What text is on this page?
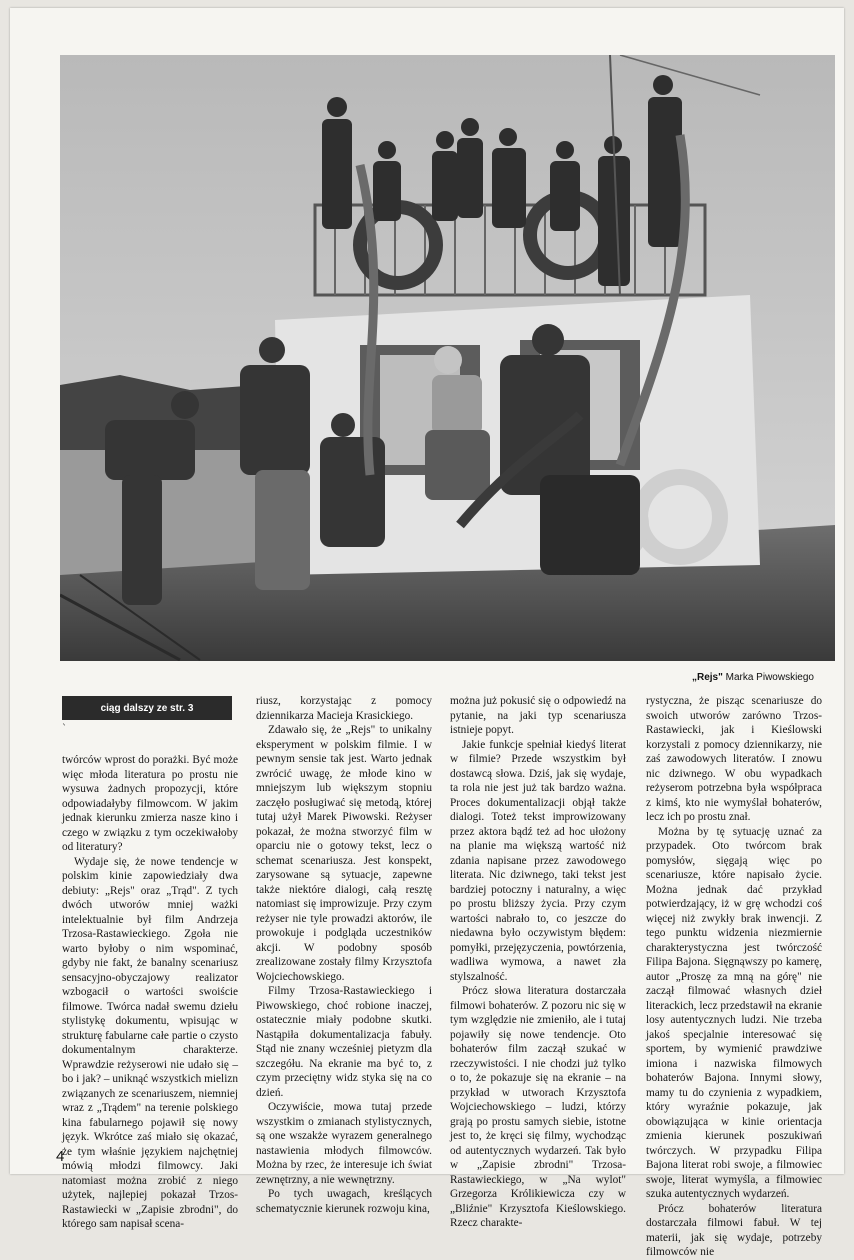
„Rejs" Marka Piwowskiego
ciąg dalszy ze str. 3
ˋ

twórców wprost do porażki. Być może więc młoda literatura po prostu nie wysuwa żadnych propozycji, które odpowiadałyby filmowcom. W jakim jednak kierunku zmierza nasze kino i czego w związku z tym oczekiwałoby od literatury?

Wydaje się, że nowe tendencje w polskim kinie zapowiedziały dwa debiuty: „Rejs" oraz „Trąd". Z tych dwóch utworów mniej ważki intelektualnie był film Andrzeja Trzosa-Rastawieckiego. Zgoła nie warto byłoby o nim wspominać, gdyby nie fakt, że banalny scenariusz sensacyjno-obyczajowy realizator wzbogacił o wartości swoiście filmowe. Twórca nadał swemu dziełu stylistykę dokumentu, wpisując w strukturę fabularne całe partie o czysto dokumentalnym charakterze. Wprawdzie reżyserowi nie udało się – bo i jak? – uniknąć wszystkich mielizn związanych ze scenariuszem, niemniej wraz z „Trądem" na terenie polskiego kina fabularnego pojawił się nowy język. Wkrótce zaś miało się okazać, że tym właśnie językiem najchętniej mówią młodzi filmowcy. Jaki natomiast można zrobić z niego użytek, najlepiej pokazał Trzos-Rastawiecki w „Zapisie zbrodni", do którego sam napisał scena-

riusz, korzystając z pomocy dziennikarza Macieja Krasickiego.

Zdawało się, że „Rejs" to unikalny eksperyment w polskim filmie. I w pewnym sensie tak jest. Warto jednak zwrócić uwagę, że młode kino w mniejszym lub większym stopniu zaczęło posługiwać się metodą, której tutaj użył Marek Piwowski. Reżyser pokazał, że można stworzyć film w oparciu nie o gotowy tekst, lecz o schemat scenariusza. Jest konspekt, zarysowane są sytuacje, zapewne także niektóre dialogi, całą resztę natomiast się improwizuje. Przy czym reżyser nie tyle prowadzi aktorów, ile prowokuje i podgląda uczestników akcji. W podobny sposób zrealizowane zostały filmy Krzysztofa Wojciechowskiego.

Filmy Trzosa-Rastawieckiego i Piwowskiego, choć robione inaczej, ostatecznie miały podobne skutki. Nastąpiła dokumentalizacja fabuły. Stąd nie znany wcześniej pietyzm dla szczegółu. Na ekranie ma być to, z czym przeciętny widz styka się na co dzień.

Oczywiście, mowa tutaj przede wszystkim o zmianach stylistycznych, są one wszakże wyrazem generalnego nastawienia młodych filmowców. Można by rzec, że interesuje ich świat zewnętrzny, a nie wewnętrzny.

Po tych uwagach, kreślących schematycznie kierunek rozwoju kina,

można już pokusić się o odpowiedź na pytanie, na jaki typ scenariusza istnieje popyt.

Jakie funkcje spełniał kiedyś literat w filmie? Przede wszystkim był dostawcą słowa. Dziś, jak się wydaje, ta rola nie jest już tak bardzo ważna. Proces dokumentalizacji objął także dialogi. Toteż tekst improwizowany przez aktora bądź też ad hoc ułożony na planie ma większą wartość niż zdania napisane przez zawodowego literata. Nic dziwnego, taki tekst jest bardziej potoczny i naturalny, a więc po prostu bliższy życia. Przy czym wartości nabrało to, co jeszcze do niedawna było oczywistym błędem: pomyłki, przejęzyczenia, powtórzenia, wadliwa wymowa, a nawet zła stylszalność.

Prócz słowa literatura dostarczała filmowi bohaterów. Z pozoru nic się w tym względzie nie zmieniło, ale i tutaj pojawiły się nowe tendencje. Oto bohaterów film zaczął szukać w rzeczywistości. I nie chodzi już tylko o to, że pokazuje się na ekranie – na przykład w utworach Krzysztofa Wojciechowskiego – ludzi, którzy grają po prostu samych siebie, istotne jest to, że kręci się filmy, wychodząc od autentycznych wydarzeń. Tak było w „Zapisie zbrodni" Trzosa-Rastawieckiego, w „Na wylot" Grzegorza Królikiewicza czy w „Bliźnie" Krzysztofa Kieślowskiego. Rzecz charakte-

rystyczna, że pisząc scenariusze do swoich utworów zarówno Trzos-Rastawiecki, jak i Kieślowski korzystali z pomocy dziennikarzy, nie zaś zawodowych literatów. I znowu nic dziwnego. W obu wypadkach reżyserom potrzebna była współpraca z kimś, kto nie wymyślał bohaterów, lecz ich po prostu znał.

Można by tę sytuację uznać za przypadek. Oto twórcom brak pomysłów, sięgają więc po scenariusze, które napisało życie. Można jednak dać przykład potwierdzający, iż w grę wchodzi coś więcej niż zwykły brak inwencji. Z tego punktu widzenia niezmiernie charakterystyczna jest twórczość Filipa Bajona. Sięgnąwszy po kamerę, autor „Proszę za mną na górę" nie zaczął filmować własnych dzieł literackich, lecz przedstawił na ekranie losy autentycznych ludzi. Nie trzeba jakoś specjalnie interesować się sportem, by wymienić prawdziwe imiona i nazwiska filmowych bohaterów Bajona. Innymi słowy, mamy tu do czynienia z wypadkiem, który wyraźnie pokazuje, jak obowiązująca w kinie orientacja zmienia kierunek poszukiwań twórczych. W przypadku Filipa Bajona literat robi swoje, a filmowiec swoje, literat wymyśla, a filmowiec szuka autentycznych wydarzeń.

Prócz bohaterów literatura dostarczała filmowi fabuł. W tej materii, jak się wydaje, potrzeby filmowców nie

4
